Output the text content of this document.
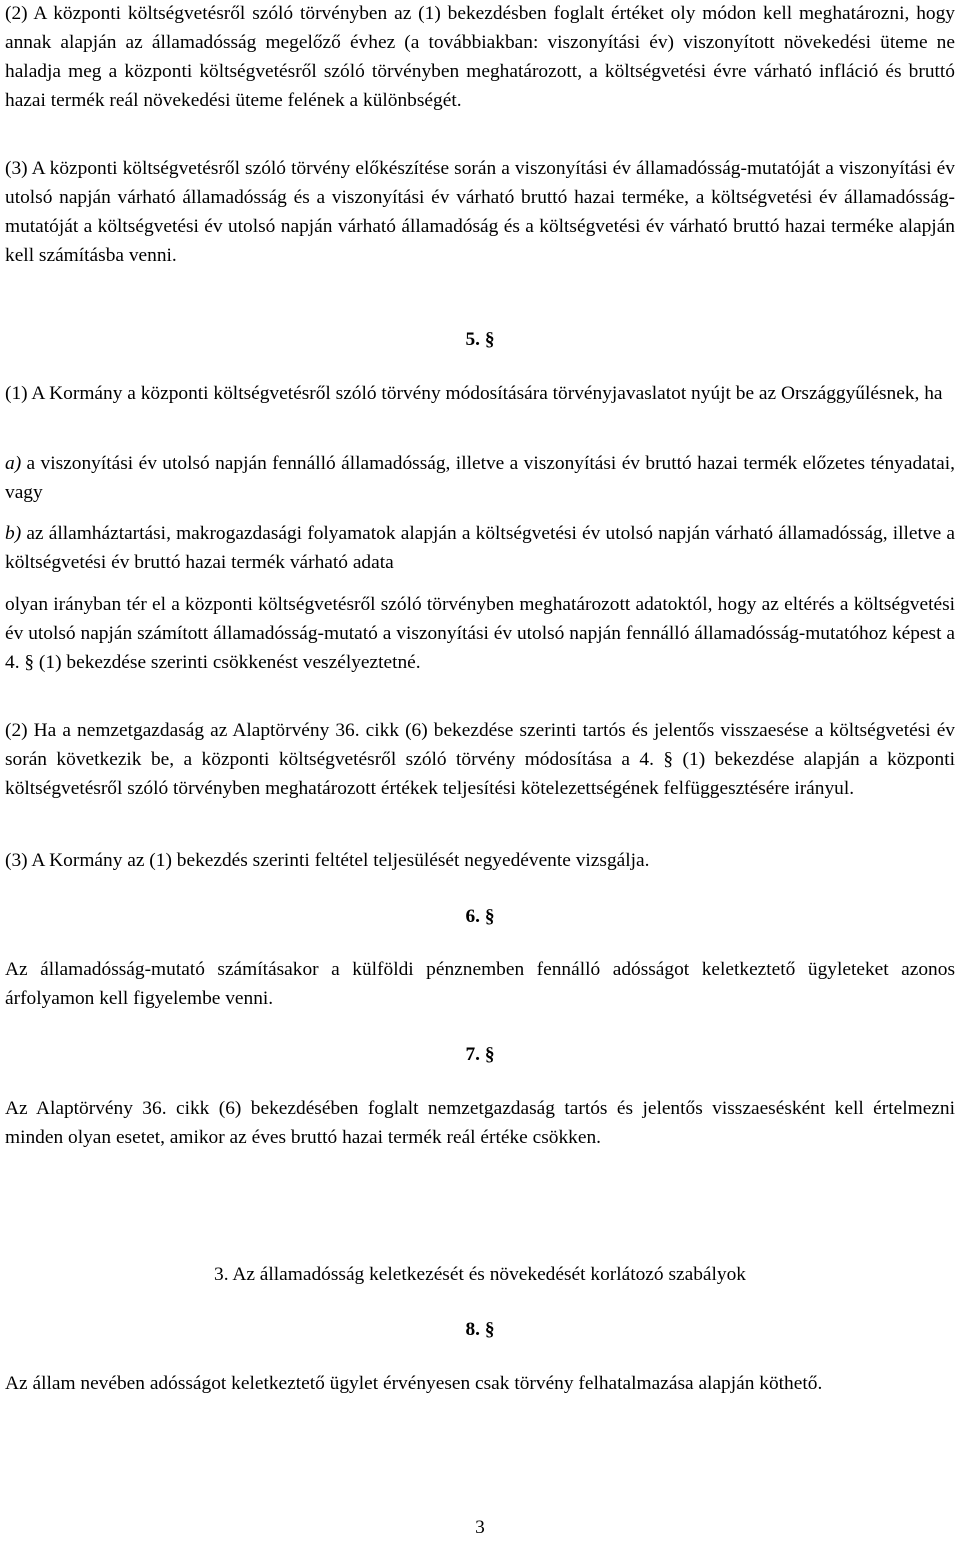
(2) A központi költségvetésről szóló törvényben az (1) bekezdésben foglalt értéket oly módon kell meghatározni, hogy annak alapján az államadósság megelőző évhez (a továbbiakban: viszonyítási év) viszonyított növekedési üteme ne haladja meg a központi költségvetésről szóló törvényben meghatározott, a költségvetési évre várható infláció és bruttó hazai termék reál növekedési üteme felének a különbségét.

(3) A központi költségvetésről szóló törvény előkészítése során a viszonyítási év államadósság-mutatóját a viszonyítási év utolsó napján várható államadósság és a viszonyítási év várható bruttó hazai terméke, a költségvetési év államadósság-mutatóját a költségvetési év utolsó napján várható államadóság és a költségvetési év várható bruttó hazai terméke alapján kell számításba venni.

5. §

(1) A Kormány a központi költségvetésről szóló törvény módosítására törvényjavaslatot nyújt be az Országgyűlésnek, ha

a) a viszonyítási év utolsó napján fennálló államadósság, illetve a viszonyítási év bruttó hazai termék előzetes tényadatai, vagy

b) az államháztartási, makrogazdasági folyamatok alapján a költségvetési év utolsó napján várható államadósság, illetve a költségvetési év bruttó hazai termék várható adata

olyan irányban tér el a központi költségvetésről szóló törvényben meghatározott adatoktól, hogy az eltérés a költségvetési év utolsó napján számított államadósság-mutató a viszonyítási év utolsó napján fennálló államadósság-mutatóhoz képest a 4. § (1) bekezdése szerinti csökkenést veszélyeztetné.

(2) Ha a nemzetgazdaság az Alaptörvény 36. cikk (6) bekezdése szerinti tartós és jelentős visszaesése a költségvetési év során következik be, a központi költségvetésről szóló törvény módosítása a 4. § (1) bekezdése alapján a központi költségvetésről szóló törvényben meghatározott értékek teljesítési kötelezettségének felfüggesztésére irányul.

(3) A Kormány az (1) bekezdés szerinti feltétel teljesülését negyedévente vizsgálja.

6. §

Az államadósság-mutató számításakor a külföldi pénznemben fennálló adósságot keletkeztető ügyleteket azonos árfolyamon kell figyelembe venni.

7. §

Az Alaptörvény 36. cikk (6) bekezdésében foglalt nemzetgazdaság tartós és jelentős visszaesésként kell értelmezni minden olyan esetet, amikor az éves bruttó hazai termék reál értéke csökken.

3. Az államadósság keletkezését és növekedését korlátozó szabályok

8. §

Az állam nevében adósságot keletkeztető ügylet érvényesen csak törvény felhatalmazása alapján köthető.

3
